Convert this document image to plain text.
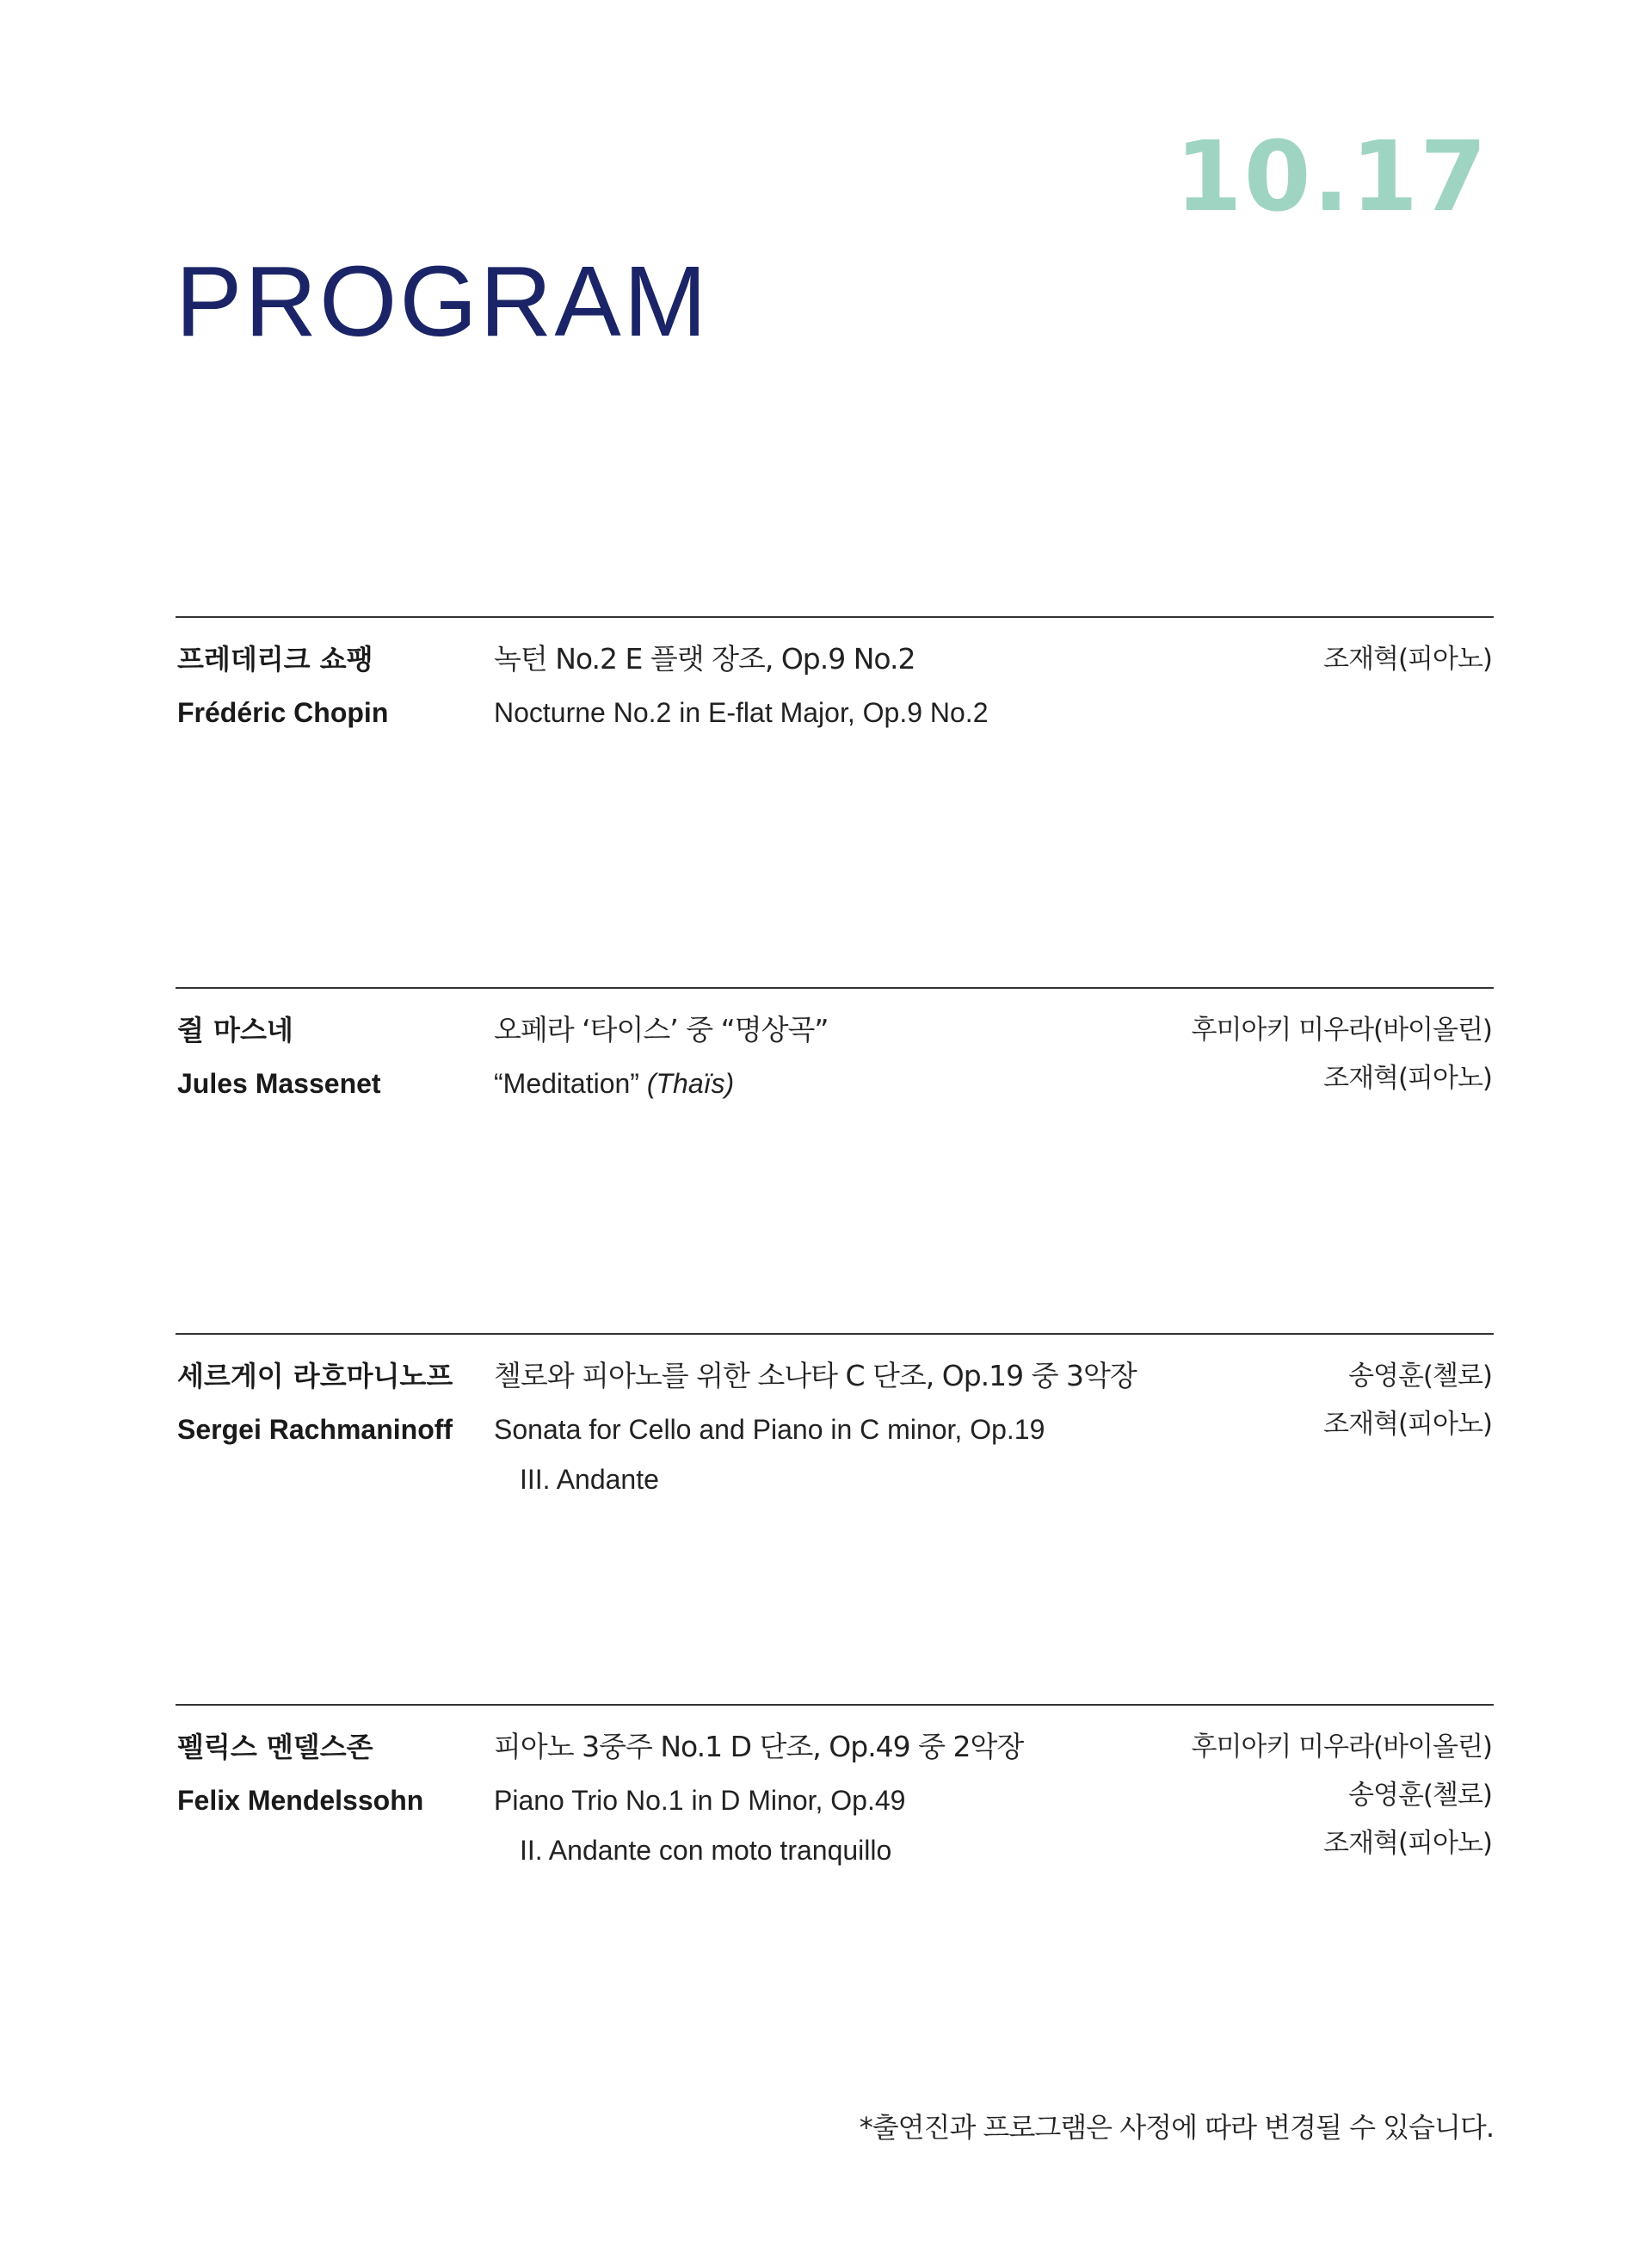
10.17
PROGRAM
프레데리크 쇼팽
Frédéric Chopin
녹턴 No.2 E 플랫 장조, Op.9 No.2
Nocturne No.2 in E-flat Major, Op.9 No.2
조재혁(피아노)
쥘 마스네
Jules Massenet
오페라 ‘타이스’ 중 “명상곡”
“Meditation” (Thaïs)
후미아키 미우라(바이올린)
조재혁(피아노)
세르게이 라흐마니노프
Sergei Rachmaninoff
첼로와 피아노를 위한 소나타 C 단조, Op.19 중 3악장
Sonata for Cello and Piano in C minor, Op.19
III. Andante
송영훈(첼로)
조재혁(피아노)
펠릭스 멘델스존
Felix Mendelssohn
피아노 3중주 No.1 D 단조, Op.49 중 2악장
Piano Trio No.1 in D Minor, Op.49
II. Andante con moto tranquillo
후미아키 미우라(바이올린)
송영훈(첼로)
조재혁(피아노)
*출연진과 프로그램은 사정에 따라 변경될 수 있습니다.
